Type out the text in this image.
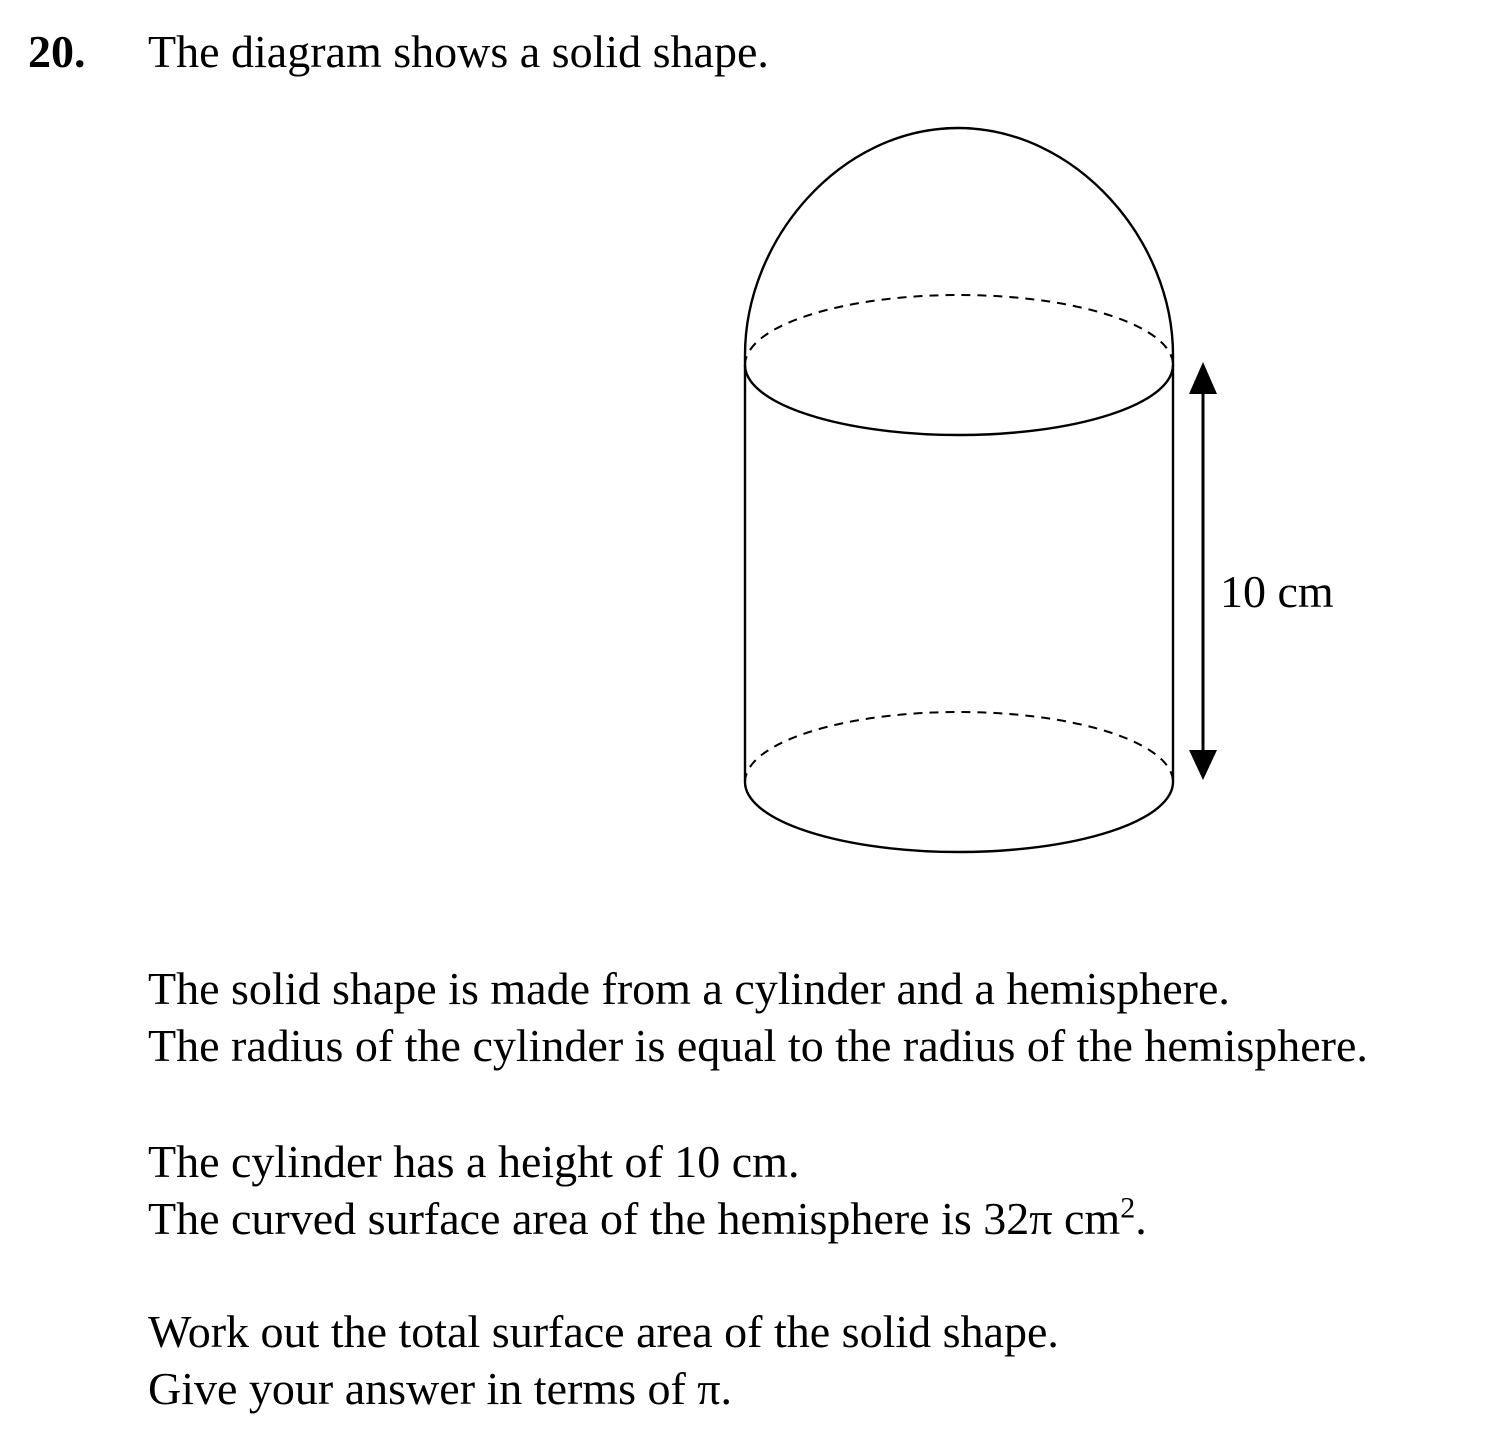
20. The diagram shows a solid shape.
10 cm
The solid shape is made from a cylinder and a hemisphere.
The radius of the cylinder is equal to the radius of the hemisphere.
The cylinder has a height of 10 cm.
The curved surface area of the hemisphere is 32π $cm^2$.
Work out the total surface area of the solid shape.
Give your answer in terms of π.
